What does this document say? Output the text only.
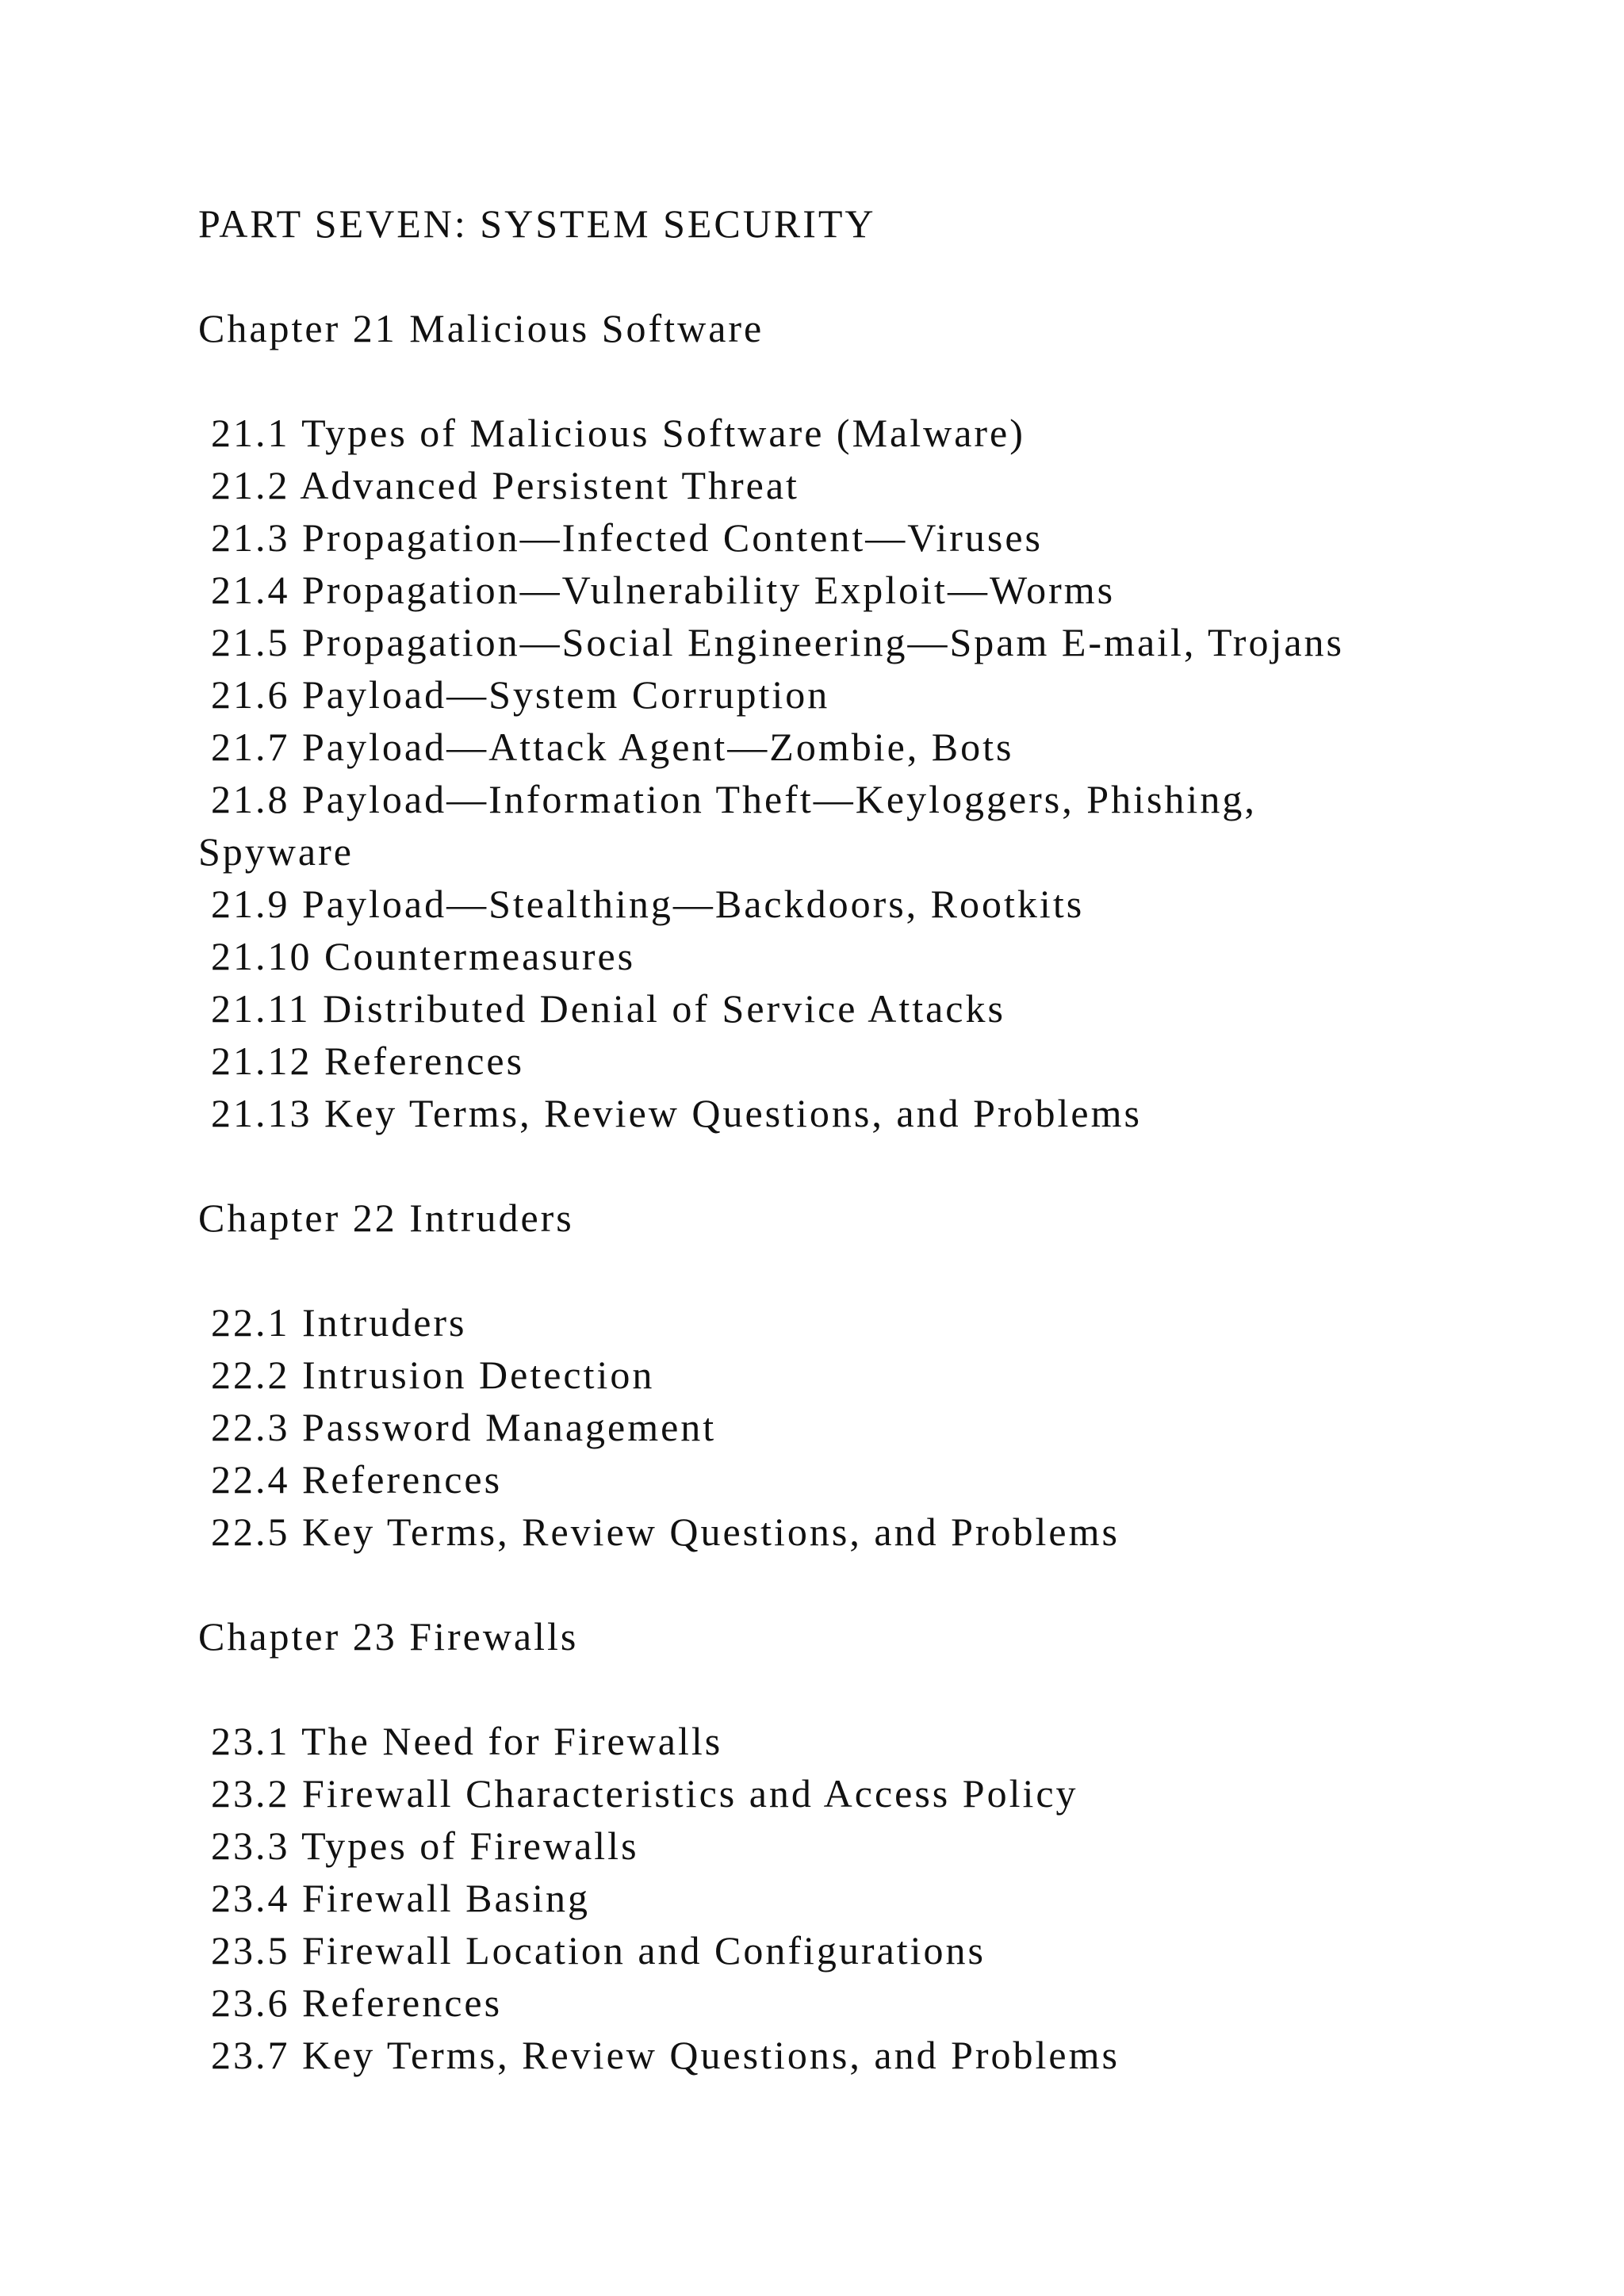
PART SEVEN: SYSTEM SECURITY
Chapter 21 Malicious Software
21.1 Types of Malicious Software (Malware)
21.2 Advanced Persistent Threat
21.3 Propagation—Infected Content—Viruses
21.4 Propagation—Vulnerability Exploit—Worms
21.5 Propagation—Social Engineering—Spam E-mail, Trojans
21.6 Payload—System Corruption
21.7 Payload—Attack Agent—Zombie, Bots
21.8 Payload—Information Theft—Keyloggers, Phishing,
Spyware
21.9 Payload—Stealthing—Backdoors, Rootkits
21.10 Countermeasures
21.11 Distributed Denial of Service Attacks
21.12 References
21.13 Key Terms, Review Questions, and Problems
Chapter 22 Intruders
22.1 Intruders
22.2 Intrusion Detection
22.3 Password Management
22.4 References
22.5 Key Terms, Review Questions, and Problems
Chapter 23 Firewalls
23.1 The Need for Firewalls
23.2 Firewall Characteristics and Access Policy
23.3 Types of Firewalls
23.4 Firewall Basing
23.5 Firewall Location and Configurations
23.6 References
23.7 Key Terms, Review Questions, and Problems
